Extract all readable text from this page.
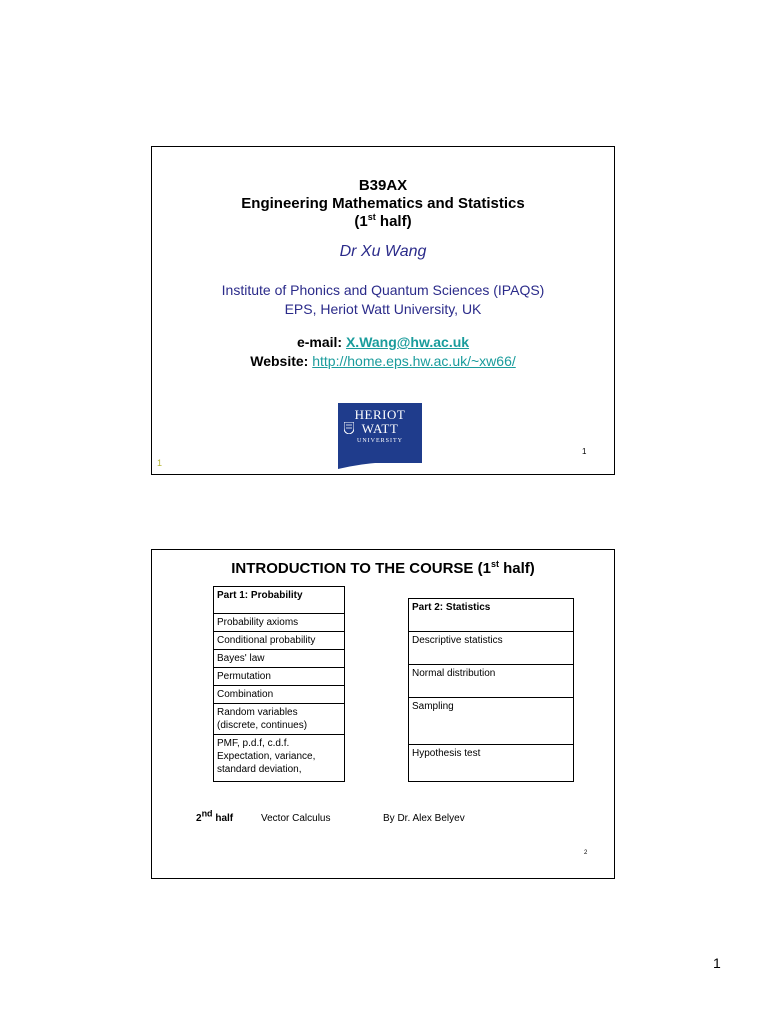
B39AX
Engineering Mathematics and Statistics
(1st half)
Dr Xu Wang
Institute of Phonics and Quantum Sciences (IPAQS)
EPS, Heriot Watt University, UK
e-mail: X.Wang@hw.ac.uk
Website: http://home.eps.hw.ac.uk/~xw66/
HERIOT
WATT
UNIVERSITY
1
1
INTRODUCTION TO THE COURSE (1st half)
Part 1: Probability
Probability axioms
Conditional probability
Bayes' law
Permutation
Combination
Random variables (discrete, continues)
PMF, p.d.f, c.d.f. Expectation, variance, standard deviation,
Part 2: Statistics
Descriptive statistics
Normal distribution
Sampling
Hypothesis test
2nd half	Vector Calculus	By Dr. Alex Belyev
2
1
